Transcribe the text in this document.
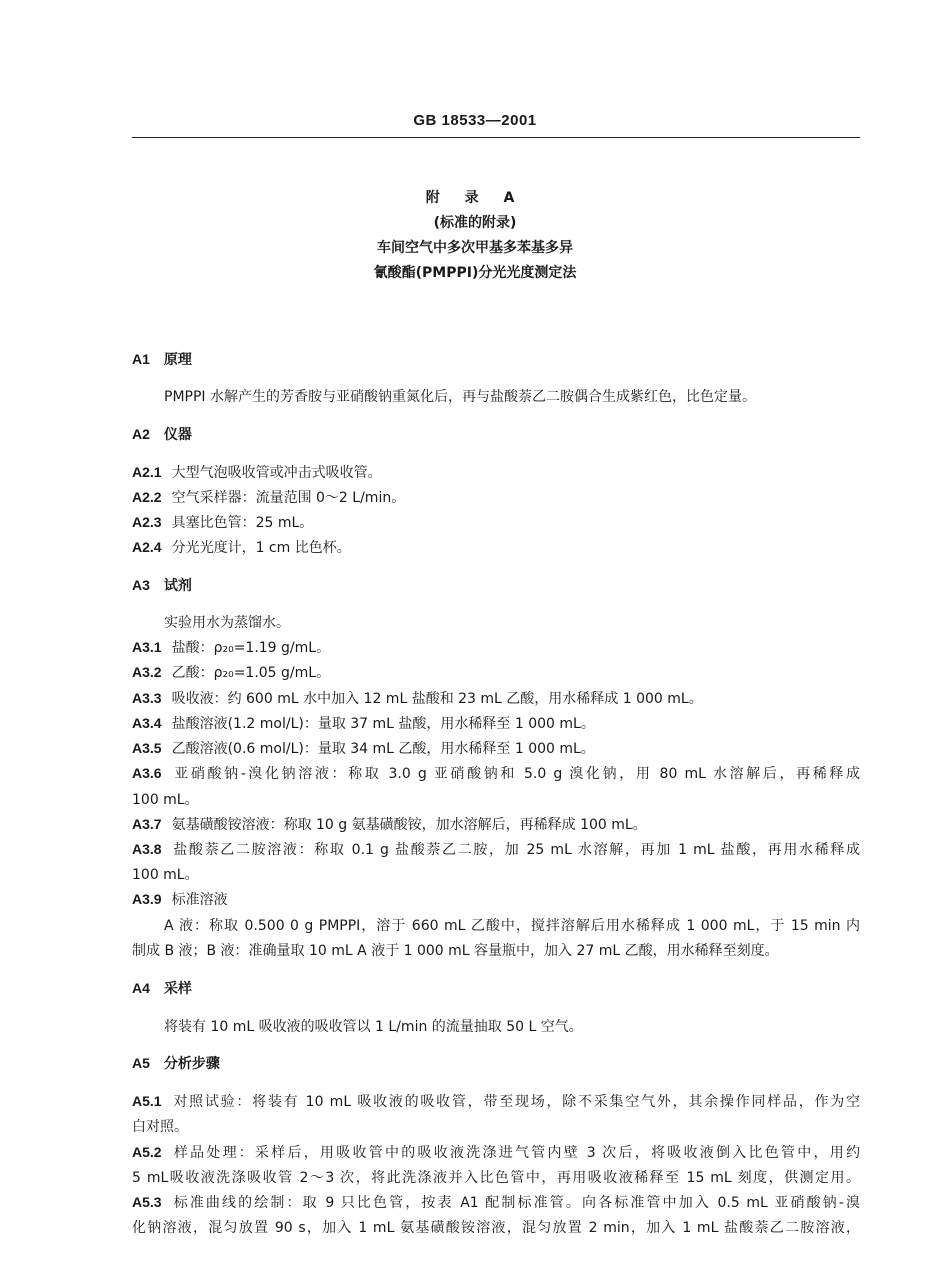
GB 18533—2001
附 录 A
(标准的附录)
车间空气中多次甲基多苯基多异
氰酸酯(PMPPI)分光光度测定法
A1 原理
PMPPI 水解产生的芳香胺与亚硝酸钠重氮化后，再与盐酸萘乙二胺偶合生成紫红色，比色定量。
A2 仪器
A2.1 大型气泡吸收管或冲击式吸收管。
A2.2 空气采样器：流量范围 0～2 L/min。
A2.3 具塞比色管：25 mL。
A2.4 分光光度计，1 cm 比色杯。
A3 试剂
实验用水为蒸馏水。
A3.1 盐酸：ρ₂₀=1.19 g/mL。
A3.2 乙酸：ρ₂₀=1.05 g/mL。
A3.3 吸收液：约 600 mL 水中加入 12 mL 盐酸和 23 mL 乙酸，用水稀释成 1 000 mL。
A3.4 盐酸溶液(1.2 mol/L)：量取 37 mL 盐酸，用水稀释至 1 000 mL。
A3.5 乙酸溶液(0.6 mol/L)：量取 34 mL 乙酸，用水稀释至 1 000 mL。
A3.6 亚硝酸钠-溴化钠溶液：称取 3.0 g 亚硝酸钠和 5.0 g 溴化钠，用 80 mL 水溶解后，再稀释成
100 mL。
A3.7 氨基磺酸铵溶液：称取 10 g 氨基磺酸铵，加水溶解后，再稀释成 100 mL。
A3.8 盐酸萘乙二胺溶液：称取 0.1 g 盐酸萘乙二胺，加 25 mL 水溶解，再加 1 mL 盐酸，再用水稀释成
100 mL。
A3.9 标准溶液
A 液：称取 0.500 0 g PMPPI，溶于 660 mL 乙酸中，搅拌溶解后用水稀释成 1 000 mL，于 15 min 内
制成 B 液；B 液：准确量取 10 mL A 液于 1 000 mL 容量瓶中，加入 27 mL 乙酸，用水稀释至刻度。
A4 采样
将装有 10 mL 吸收液的吸收管以 1 L/min 的流量抽取 50 L 空气。
A5 分析步骤
A5.1 对照试验：将装有 10 mL 吸收液的吸收管，带至现场，除不采集空气外，其余操作同样品，作为空
白对照。
A5.2 样品处理：采样后，用吸收管中的吸收液洗涤进气管内壁 3 次后，将吸收液倒入比色管中，用约
5 mL吸收液洗涤吸收管 2～3 次，将此洗涤液并入比色管中，再用吸收液稀释至 15 mL 刻度，供测定用。
A5.3 标准曲线的绘制：取 9 只比色管，按表 A1 配制标准管。向各标准管中加入 0.5 mL 亚硝酸钠-溴
化钠溶液，混匀放置 90 s，加入 1 mL 氨基磺酸铵溶液，混匀放置 2 min，加入 1 mL 盐酸萘乙二胺溶液，
